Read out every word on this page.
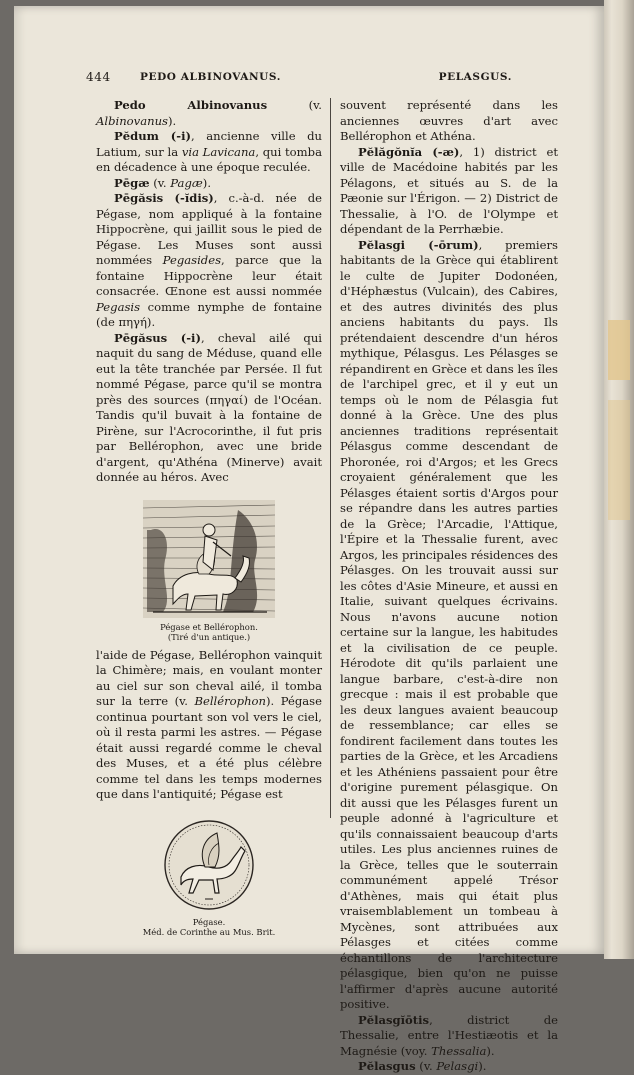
444	PEDO ALBINOVANUS.	PELASGUS.

Pedo Albinovanus (v. Albinovanus).

Pĕdum (-i), ancienne ville du Latium, sur la via Lavicana, qui tomba en décadence à une époque reculée.

Pēgæ (v. Pagæ).

Pēgăsis (-ĭdis), c.-à-d. née de Pégase, nom appliqué à la fontaine Hippocrène, qui jaillit sous le pied de Pégase. Les Muses sont aussi nommées Pegasides, parce que la fontaine Hippocrène leur était consacrée. Œnone est aussi nommée Pegasis comme nymphe de fontaine (de πηγή).

Pēgăsus (-i), cheval ailé qui naquit du sang de Méduse, quand elle eut la tête tranchée par Persée. Il fut nommé Pégase, parce qu'il se montra près des sources (πηγαί) de l'Océan. Tandis qu'il buvait à la fontaine de Pirène, sur l'Acrocorinthe, il fut pris par Bellérophon, avec une bride d'argent, qu'Athéna (Minerve) avait donnée au héros. Avec

Pégase et Bellérophon.
(Tiré d'un antique.)

l'aide de Pégase, Bellérophon vainquit la Chimère; mais, en voulant monter au ciel sur son cheval ailé, il tomba sur la terre (v. Bellérophon). Pégase continua pourtant son vol vers le ciel, où il resta parmi les astres. — Pégase était aussi regardé comme le cheval des Muses, et a été plus célèbre comme tel dans les temps modernes que dans l'antiquité; Pégase est

Pégase.
Méd. de Corinthe au Mus. Brit.

souvent représenté dans les anciennes œuvres d'art avec Bellérophon et Athéna.

Pĕlăgŏnĭa (-æ), 1) district et ville de Macédoine habités par les Pélagons, et situés au S. de la Pæonie sur l'Érigon. — 2) District de Thessalie, à l'O. de l'Olympe et dépendant de la Perrhæbie.

Pĕlasgi (-ōrum), premiers habitants de la Grèce qui établirent le culte de Jupiter Dodonéen, d'Héphæstus (Vulcain), des Cabires, et des autres divinités des plus anciens habitants du pays. Ils prétendaient descendre d'un héros mythique, Pélasgus. Les Pélasges se répandirent en Grèce et dans les îles de l'archipel grec, et il y eut un temps où le nom de Pélasgia fut donné à la Grèce. Une des plus anciennes traditions représentait Pélasgus comme descendant de Phoronée, roi d'Argos; et les Grecs croyaient généralement que les Pélasges étaient sortis d'Argos pour se répandre dans les autres parties de la Grèce; l'Arcadie, l'Attique, l'Épire et la Thessalie furent, avec Argos, les principales résidences des Pélasges. On les trouvait aussi sur les côtes d'Asie Mineure, et aussi en Italie, suivant quelques écrivains. Nous n'avons aucune notion certaine sur la langue, les habitudes et la civilisation de ce peuple. Hérodote dit qu'ils parlaient une langue barbare, c'est-à-dire non grecque : mais il est probable que les deux langues avaient beaucoup de ressemblance; car elles se fondirent facilement dans toutes les parties de la Grèce, et les Arcadiens et les Athéniens passaient pour être d'origine purement pélasgique. On dit aussi que les Pélasges furent un peuple adonné à l'agriculture et qu'ils connaissaient beaucoup d'arts utiles. Les plus anciennes ruines de la Grèce, telles que le souterrain communément appelé Trésor d'Athènes, mais qui était plus vraisemblablement un tombeau à Mycènes, sont attribuées aux Pélasges et citées comme échantillons de l'architecture pélasgique, bien qu'on ne puisse l'affirmer d'après aucune autorité positive.

Pĕlasgĭōtis, district de Thessalie, entre l'Hestiæotis et la Magnésie (voy. Thessalia).

Pĕlasgus (v. Pelasgi).
